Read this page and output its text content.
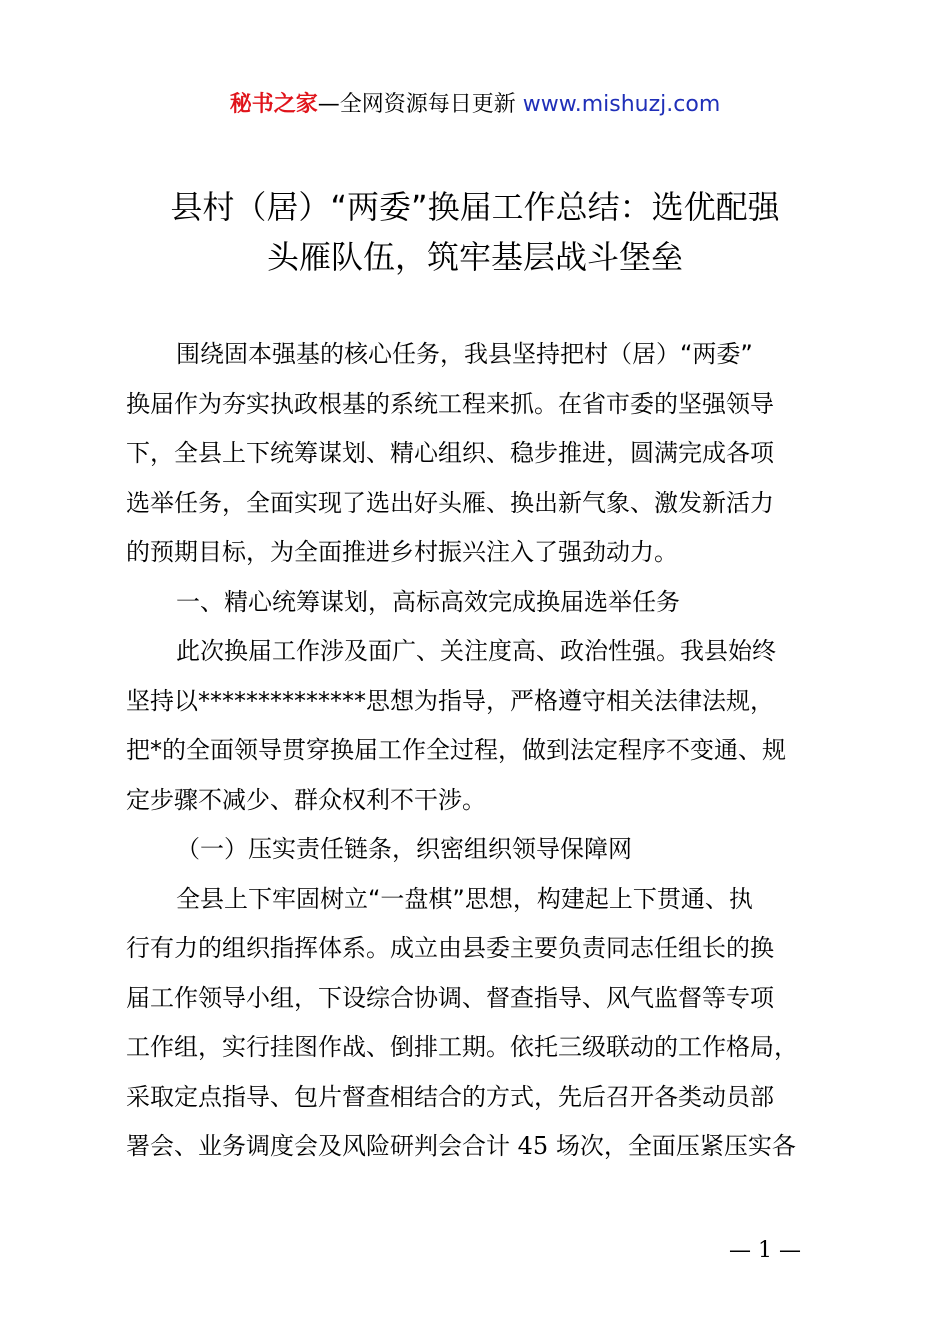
秘书之家—全网资源每日更新 www.mishuzj.com
县村（居）“两委”换届工作总结：选优配强
头雁队伍，筑牢基层战斗堡垒
围绕固本强基的核心任务，我县坚持把村（居）“两委”
换届作为夯实执政根基的系统工程来抓。在省市委的坚强领导
下，全县上下统筹谋划、精心组织、稳步推进，圆满完成各项
选举任务，全面实现了选出好头雁、换出新气象、激发新活力
的预期目标，为全面推进乡村振兴注入了强劲动力。
一、精心统筹谋划，高标高效完成换届选举任务
此次换届工作涉及面广、关注度高、政治性强。我县始终
坚持以**************思想为指导，严格遵守相关法律法规，
把*的全面领导贯穿换届工作全过程，做到法定程序不变通、规
定步骤不减少、群众权利不干涉。
（一）压实责任链条，织密组织领导保障网
全县上下牢固树立“一盘棋”思想，构建起上下贯通、执
行有力的组织指挥体系。成立由县委主要负责同志任组长的换
届工作领导小组，下设综合协调、督查指导、风气监督等专项
工作组，实行挂图作战、倒排工期。依托三级联动的工作格局，
采取定点指导、包片督查相结合的方式，先后召开各类动员部
署会、业务调度会及风险研判会合计 45 场次，全面压紧压实各
— 1 —
